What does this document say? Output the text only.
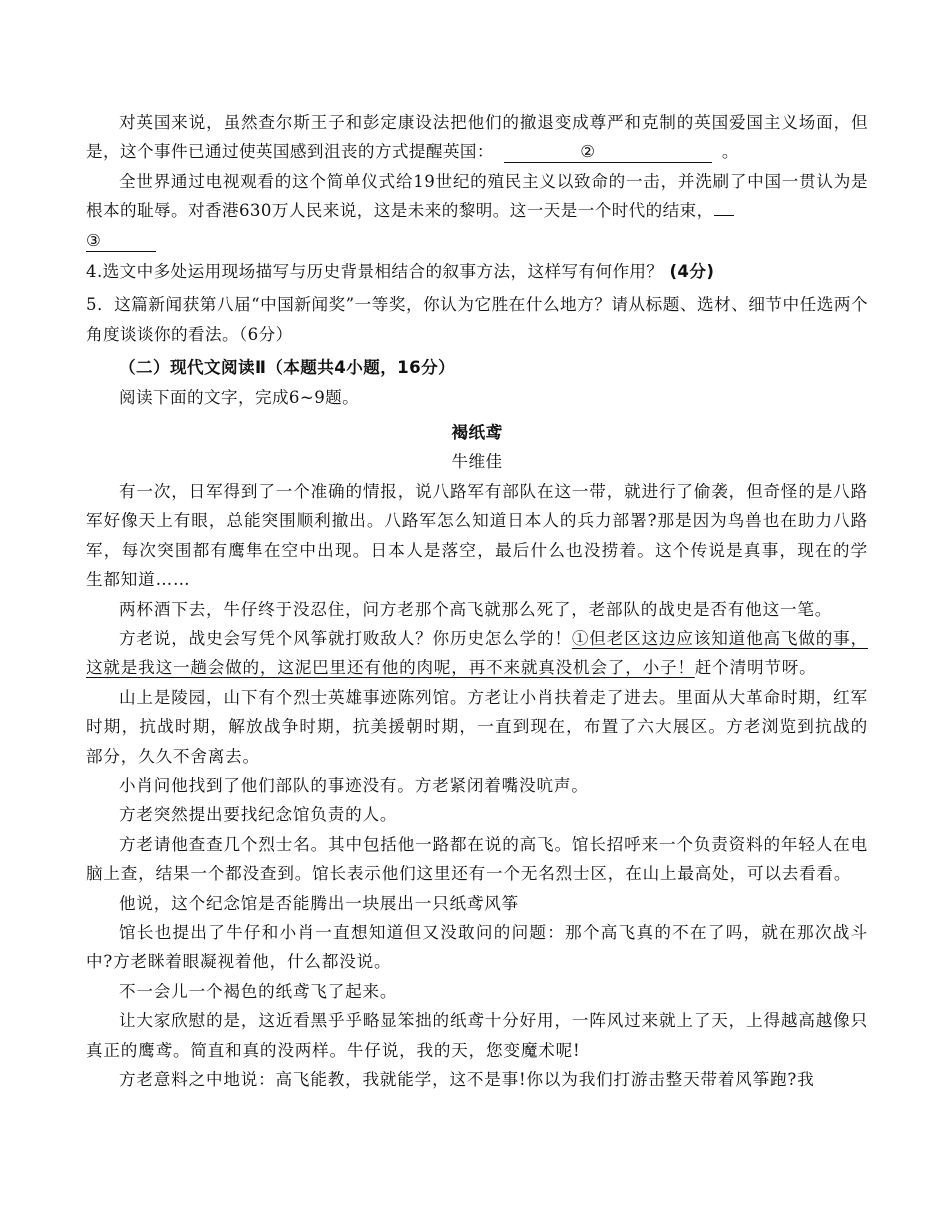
对英国来说，虽然查尔斯王子和彭定康设法把他们的撤退变成尊严和克制的英国爱国主义场面，但是，这个事件已通过使英国感到沮丧的方式提醒英国：	②	。

全世界通过电视观看的这个简单仪式给19世纪的殖民主义以致命的一击，并洗刷了中国一贯认为是根本的耻辱。对香港630万人民来说，这是未来的黎明。这一天是一个时代的结束，
③

4.选文中多处运用现场描写与历史背景相结合的叙事方法，这样写有何作用？ (4分)

5．这篇新闻获第八届“中国新闻奖”一等奖，你认为它胜在什么地方？请从标题、选材、细节中任选两个角度谈谈你的看法。（6分）

（二）现代文阅读Ⅱ（本题共4小题，16分）

阅读下面的文字，完成6~9题。

褐纸鸢

牛维佳

有一次，日军得到了一个准确的情报，说八路军有部队在这一带，就进行了偷袭，但奇怪的是八路军好像天上有眼，总能突围顺利撤出。八路军怎么知道日本人的兵力部署?那是因为鸟兽也在助力八路军，每次突围都有鹰隼在空中出现。日本人是落空，最后什么也没捞着。这个传说是真事，现在的学生都知道……

两杯酒下去，牛仔终于没忍住，问方老那个高飞就那么死了，老部队的战史是否有他这一笔。

方老说，战史会写凭个风筝就打败敌人？你历史怎么学的！①但老区这边应该知道他高飞做的事，这就是我这一趟会做的，这泥巴里还有他的肉呢，再不来就真没机会了，小子！赶个清明节呀。

山上是陵园，山下有个烈士英雄事迹陈列馆。方老让小肖扶着走了进去。里面从大革命时期，红军时期，抗战时期，解放战争时期，抗美援朝时期，一直到现在，布置了六大展区。方老浏览到抗战的部分，久久不舍离去。

小肖问他找到了他们部队的事迹没有。方老紧闭着嘴没吭声。

方老突然提出要找纪念馆负责的人。

方老请他查查几个烈士名。其中包括他一路都在说的高飞。馆长招呼来一个负责资料的年轻人在电脑上查，结果一个都没查到。馆长表示他们这里还有一个无名烈士区，在山上最高处，可以去看看。

他说，这个纪念馆是否能腾出一块展出一只纸鸢风筝

馆长也提出了牛仔和小肖一直想知道但又没敢问的问题：那个高飞真的不在了吗，就在那次战斗中?方老眯着眼凝视着他，什么都没说。

不一会儿一个褐色的纸鸢飞了起来。

让大家欣慰的是，这近看黑乎乎略显笨拙的纸鸢十分好用，一阵风过来就上了天，上得越高越像只真正的鹰鸢。简直和真的没两样。牛仔说，我的天，您变魔术呢!

方老意料之中地说：高飞能教，我就能学，这不是事!你以为我们打游击整天带着风筝跑?我
